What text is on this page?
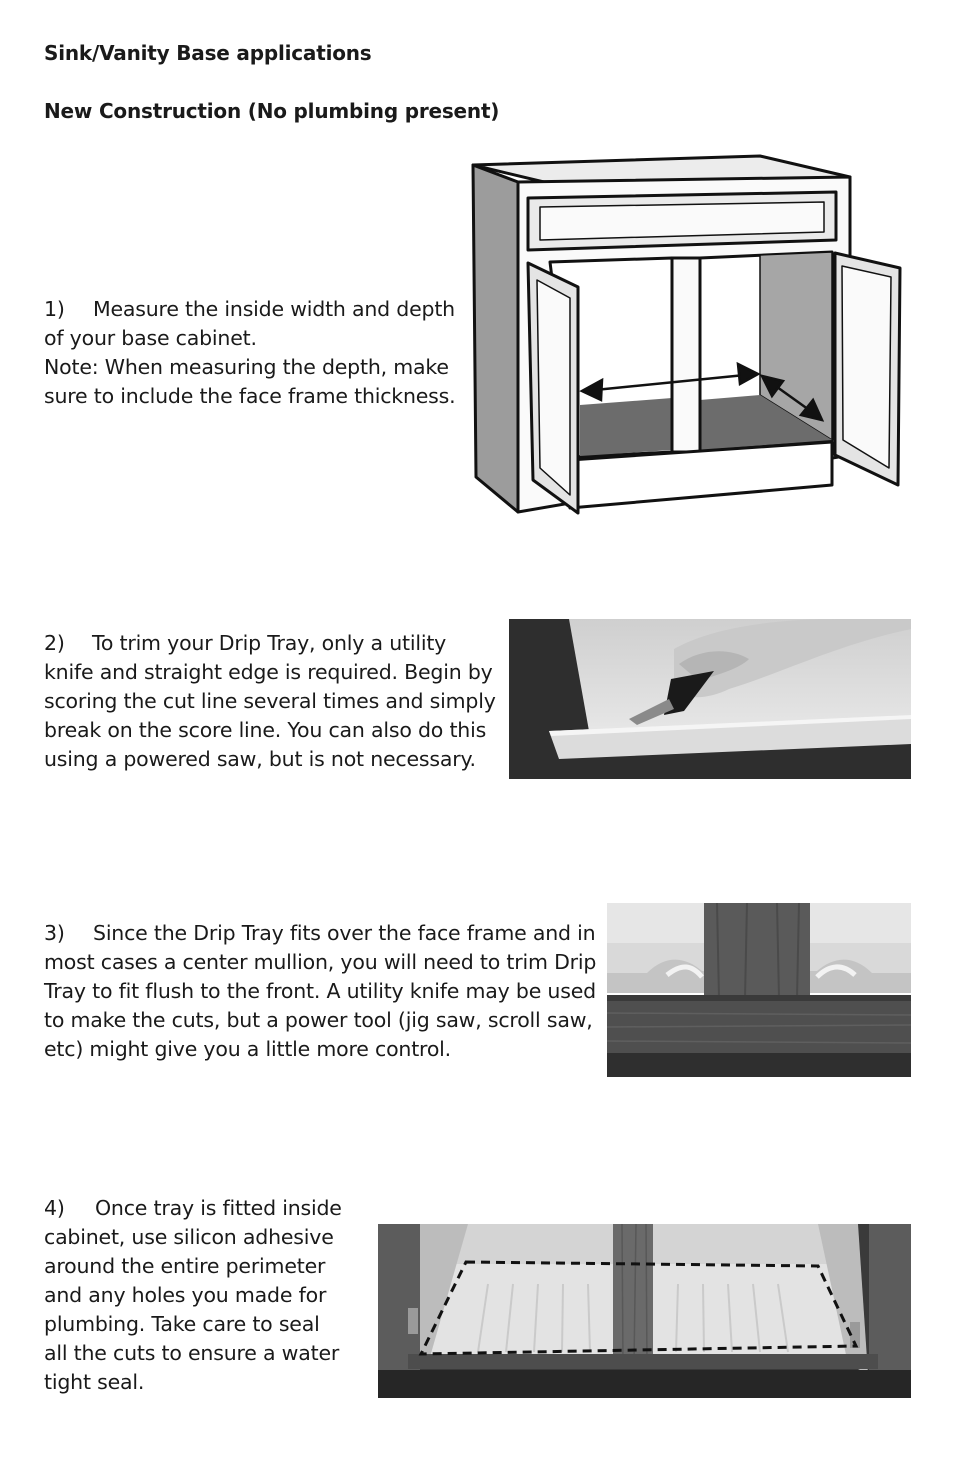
Sink/Vanity Base applications
New Construction (No plumbing present)
1) Measure the inside width and depth
of your base cabinet.
Note: When measuring the depth, make
sure to include the face frame thickness.
2) To trim your Drip Tray, only a utility
knife and straight edge is required. Begin by
scoring the cut line several times and simply
break on the score line. You can also do this
using a powered saw, but is not necessary.
3) Since the Drip Tray fits over the face frame and in
most cases a center mullion, you will need to trim Drip
Tray to fit flush to the front. A utility knife may be used
to make the cuts, but a power tool (jig saw, scroll saw,
etc) might give you a little more control.
4) Once tray is fitted inside
cabinet, use silicon adhesive
around the entire perimeter
and any holes you made for
plumbing. Take care to seal
all the cuts to ensure a water
tight seal.
